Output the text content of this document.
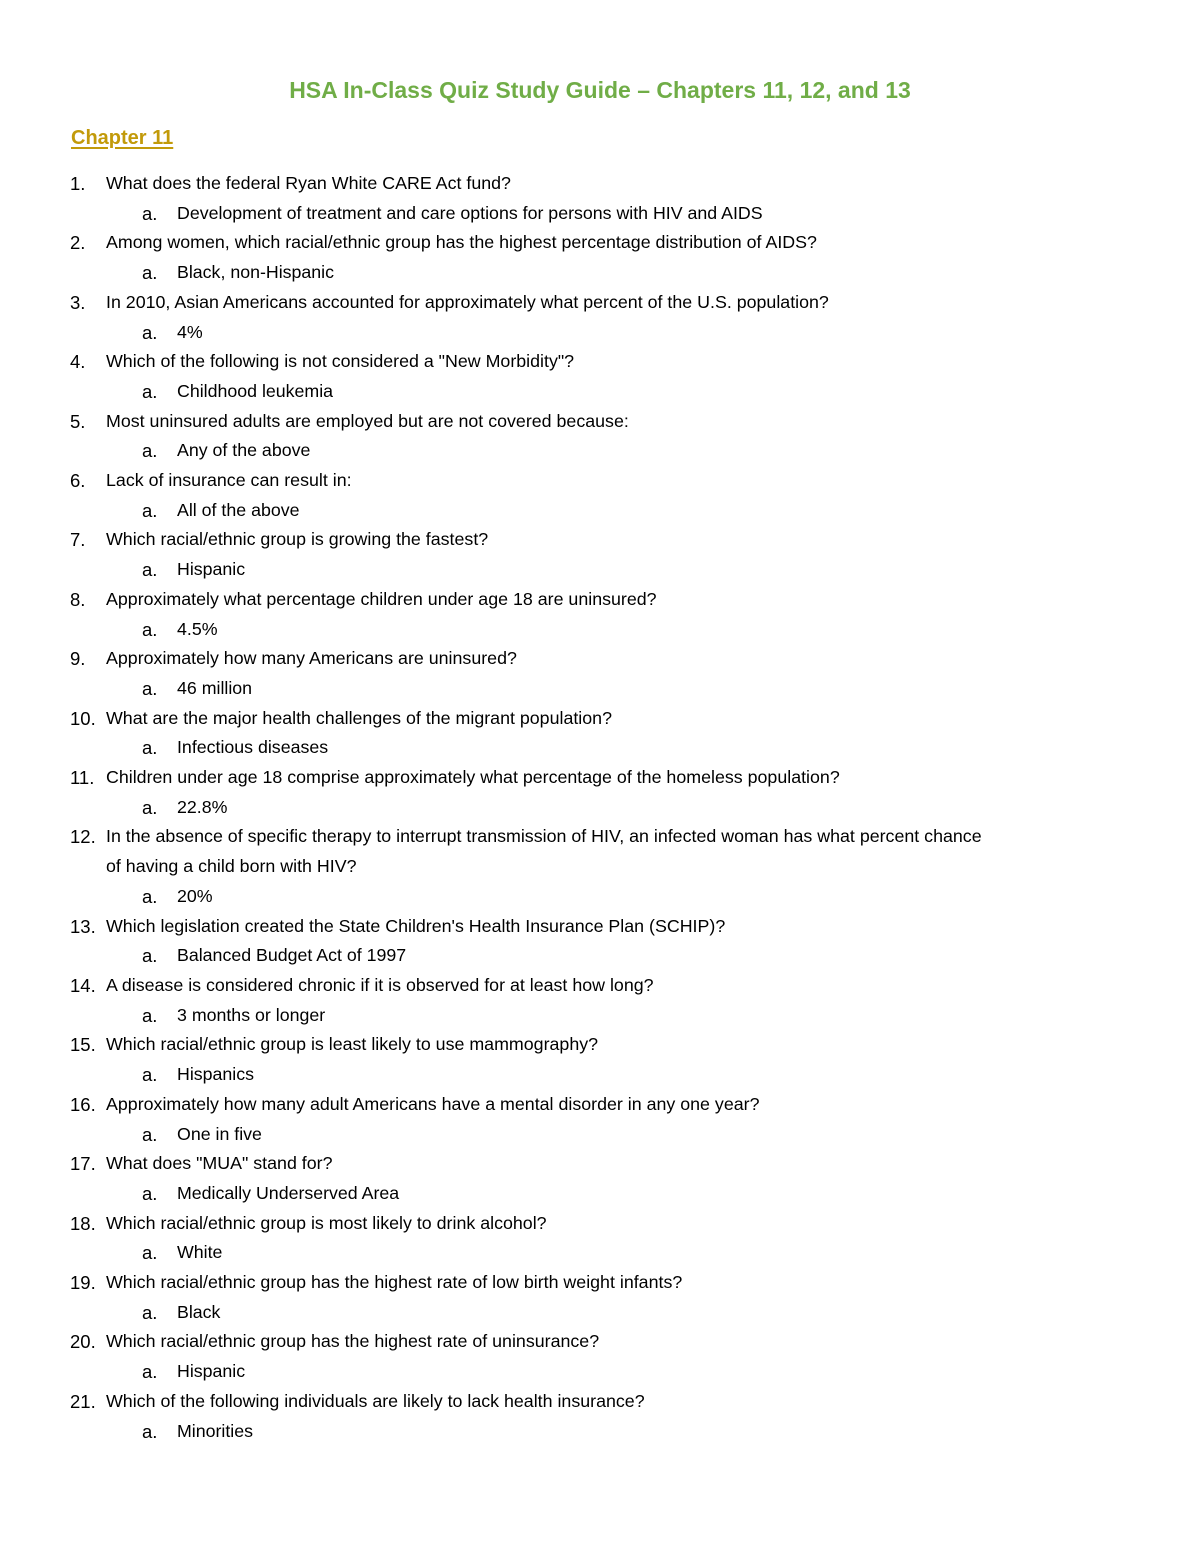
HSA In-Class Quiz Study Guide – Chapters 11, 12, and 13
Chapter 11
1.	What does the federal Ryan White CARE Act fund?
a.	Development of treatment and care options for persons with HIV and AIDS
2.	Among women, which racial/ethnic group has the highest percentage distribution of AIDS?
a.	Black, non-Hispanic
3.	In 2010, Asian Americans accounted for approximately what percent of the U.S. population?
a.	4%
4.	Which of the following is not considered a "New Morbidity"?
a.	Childhood leukemia
5.	Most uninsured adults are employed but are not covered because:
a.	Any of the above
6.	Lack of insurance can result in:
a.	All of the above
7.	Which racial/ethnic group is growing the fastest?
a.	Hispanic
8.	Approximately what percentage children under age 18 are uninsured?
a.	4.5%
9.	Approximately how many Americans are uninsured?
a.	46 million
10. What are the major health challenges of the migrant population?
a.	Infectious diseases
11. Children under age 18 comprise approximately what percentage of the homeless population?
a.	22.8%
12. In the absence of specific therapy to interrupt transmission of HIV, an infected woman has what percent chance
of having a child born with HIV?
a.	20%
13. Which legislation created the State Children's Health Insurance Plan (SCHIP)?
a.	Balanced Budget Act of 1997
14. A disease is considered chronic if it is observed for at least how long?
a.	3 months or longer
15. Which racial/ethnic group is least likely to use mammography?
a.	Hispanics
16. Approximately how many adult Americans have a mental disorder in any one year?
a.	One in five
17. What does "MUA" stand for?
a.	Medically Underserved Area
18. Which racial/ethnic group is most likely to drink alcohol?
a.	White
19. Which racial/ethnic group has the highest rate of low birth weight infants?
a.	Black
20. Which racial/ethnic group has the highest rate of uninsurance?
a.	Hispanic
21. Which of the following individuals are likely to lack health insurance?
a.	Minorities
